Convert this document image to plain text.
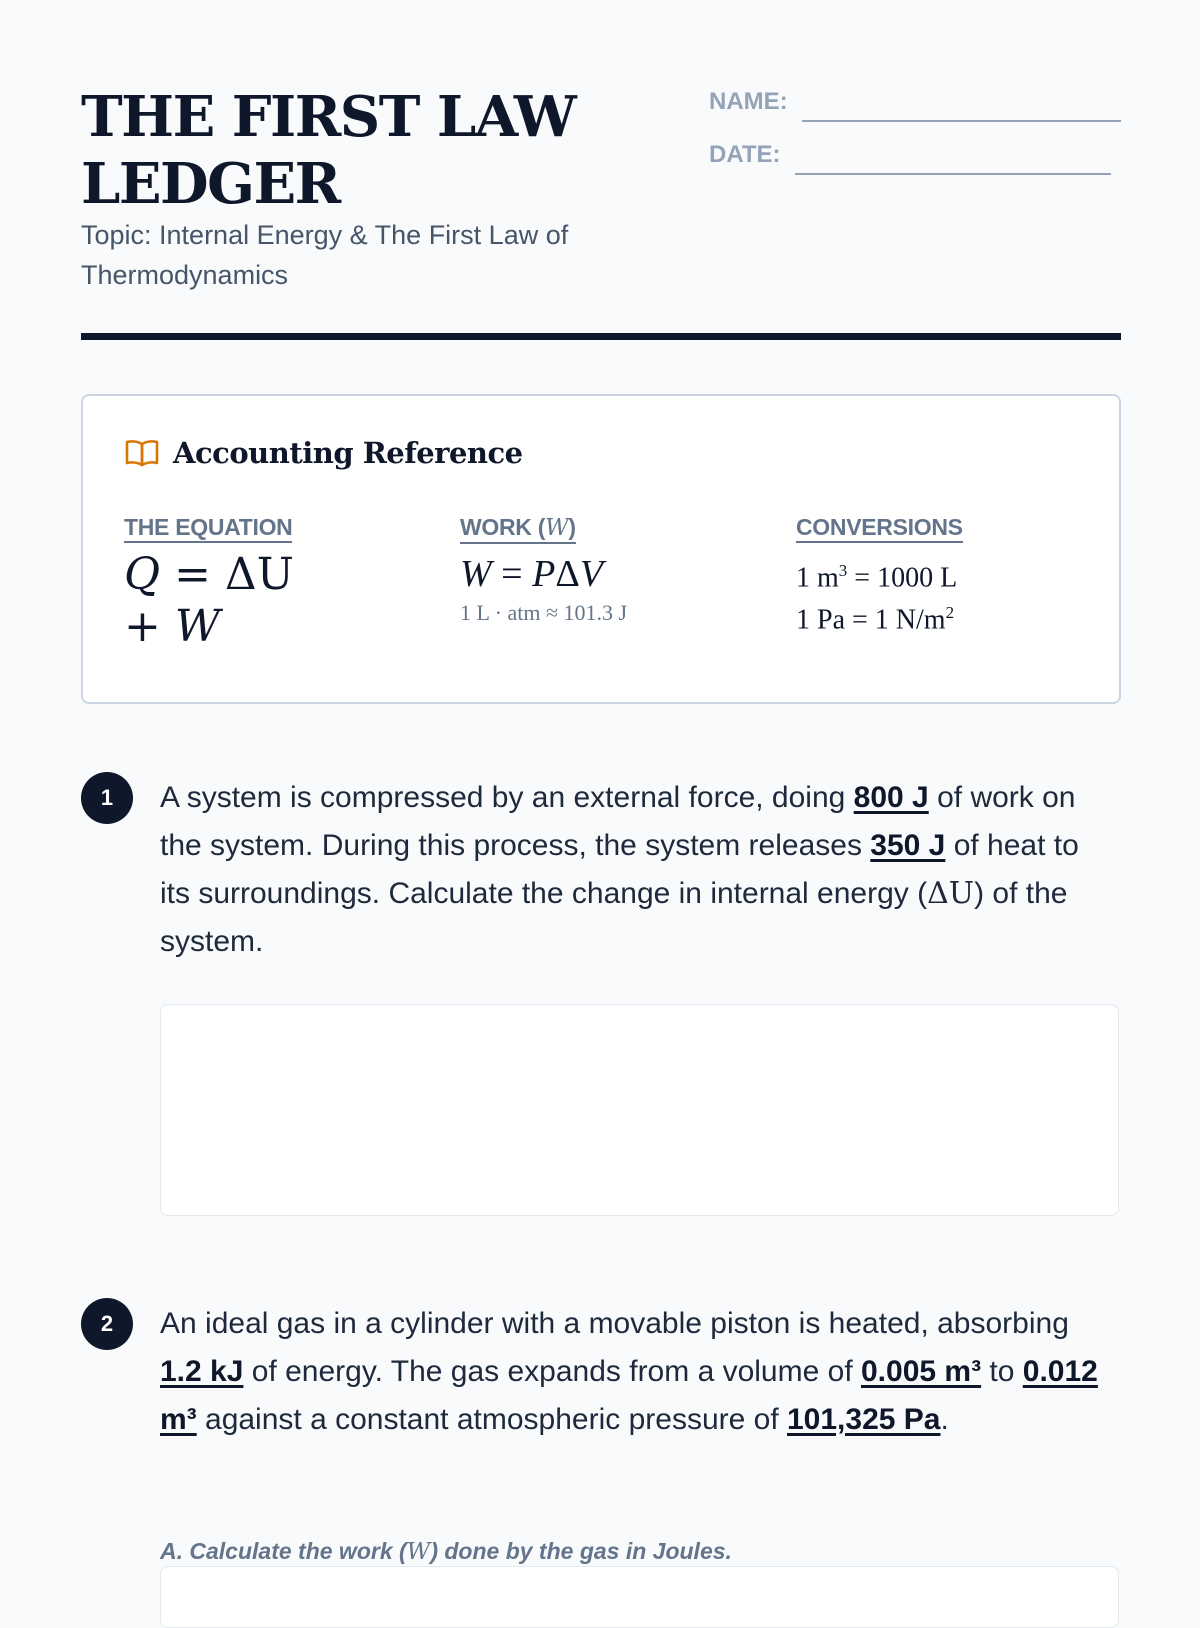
THE FIRST LAW LEDGER
Topic: Internal Energy & The First Law of Thermodynamics
NAME:
DATE:
Accounting Reference
THE EQUATION
Q = ΔU
+ W
WORK (W)
W = PΔV
1 L · atm ≈ 101.3 J
CONVERSIONS
1 $m^3 = 1000$ L
1 Pa = 1 $N/m^2$
1	A system is compressed by an external force, doing 800 J of work on the system. During this process, the system releases 350 J of heat to its surroundings. Calculate the change in internal energy (ΔU) of the system.
2	An ideal gas in a cylinder with a movable piston is heated, absorbing 1.2 kJ of energy. The gas expands from a volume of 0.005 m³ to 0.012 m³ against a constant atmospheric pressure of 101,325 Pa.
A. Calculate the work (W) done by the gas in Joules.
